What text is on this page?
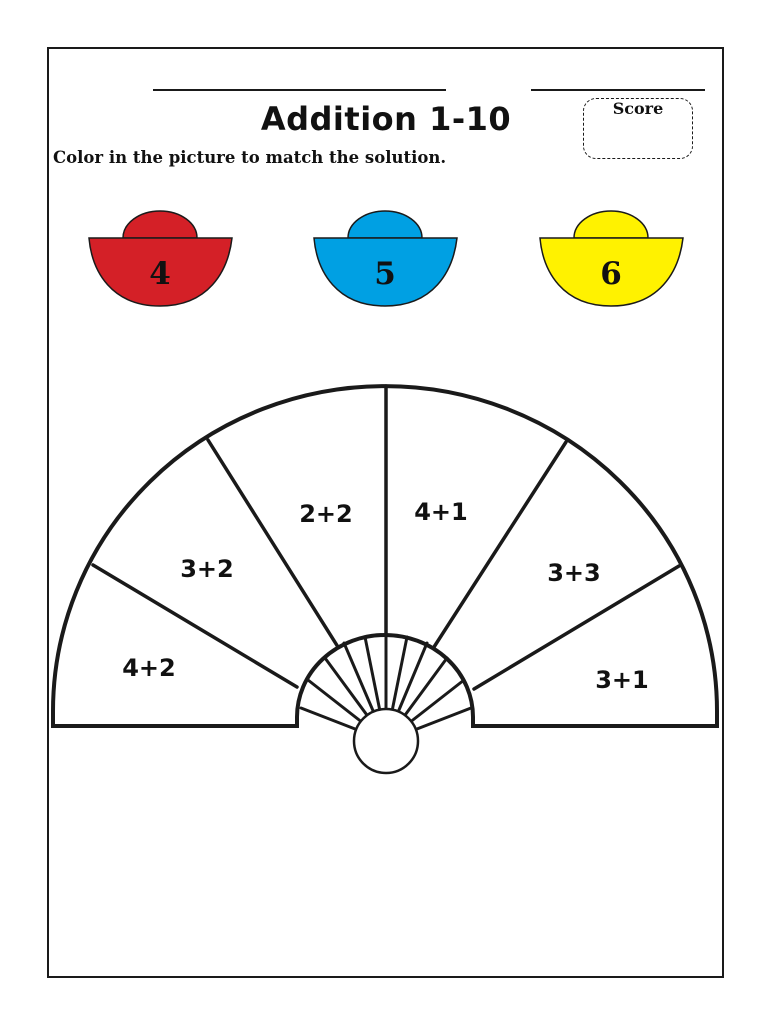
Addition 1-10
Color in the picture to match the solution.
Score
4	5	6
4+2
3+2
2+2	4+1
3+3
3+1
